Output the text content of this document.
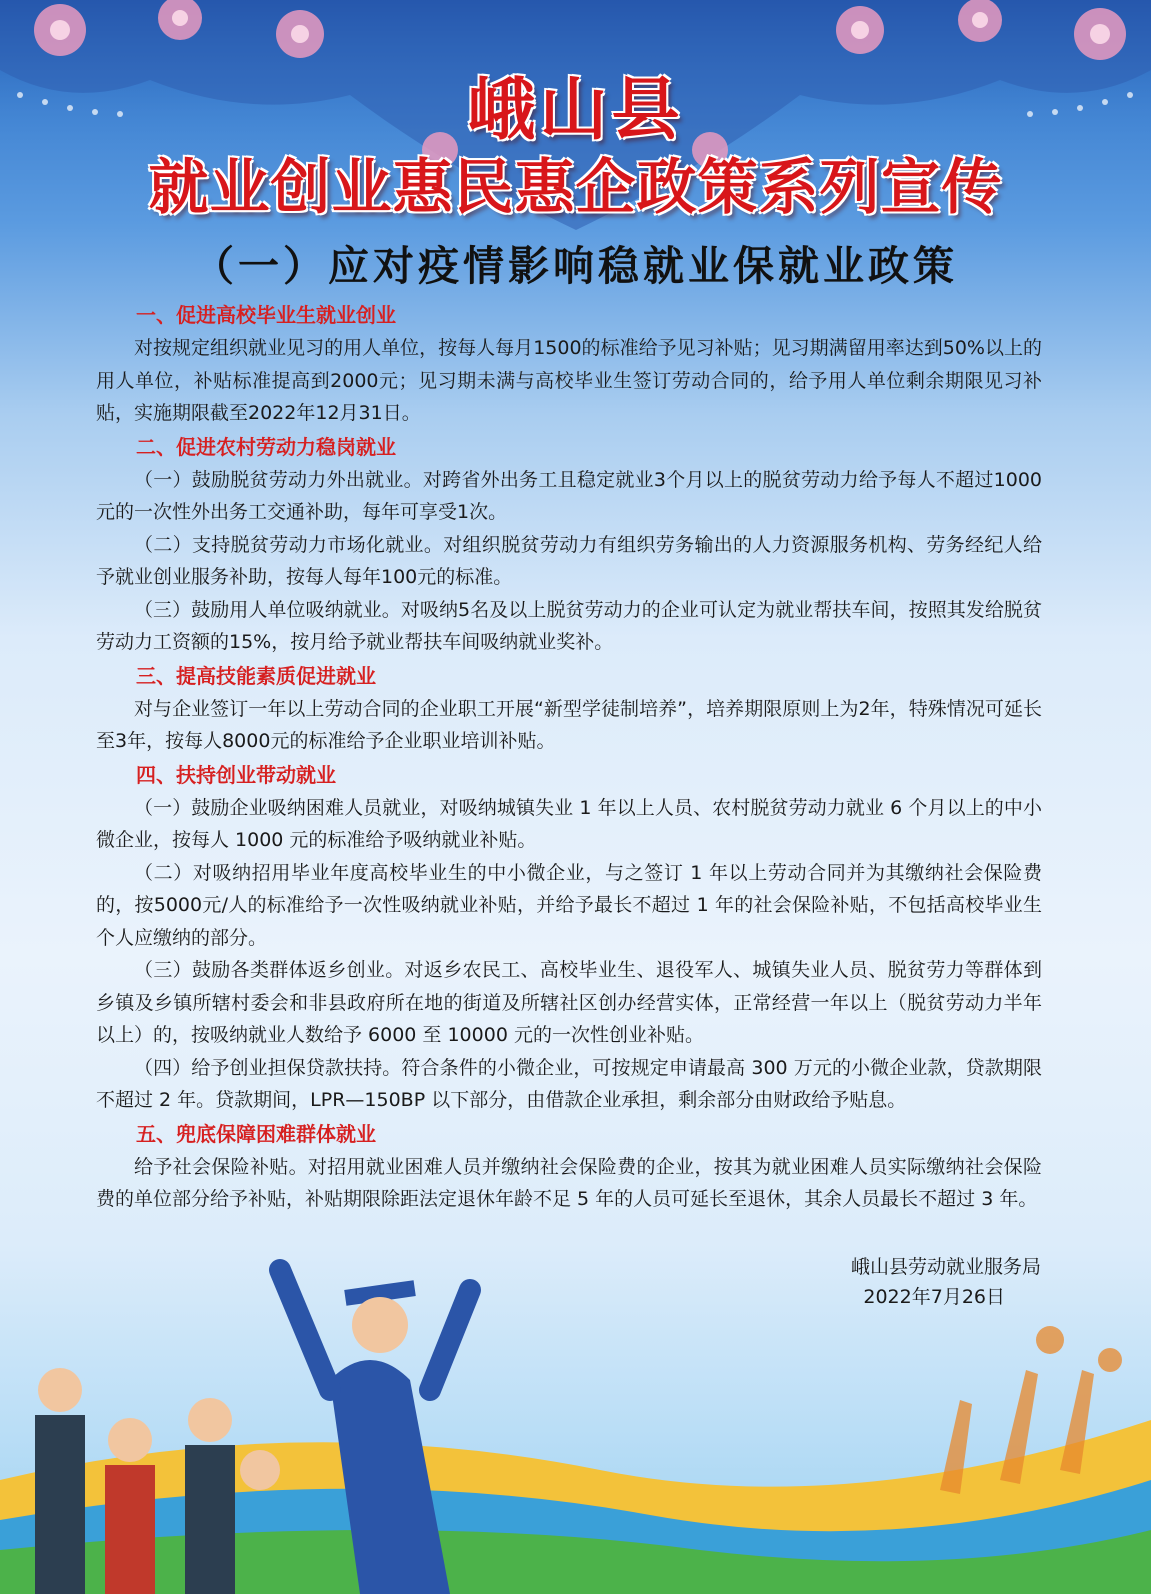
峨山县
就业创业惠民惠企政策系列宣传
（一）应对疫情影响稳就业保就业政策
一、促进高校毕业生就业创业

对按规定组织就业见习的用人单位，按每人每月1500的标准给予见习补贴；见习期满留用率达到50%以上的用人单位，补贴标准提高到2000元；见习期未满与高校毕业生签订劳动合同的，给予用人单位剩余期限见习补贴，实施期限截至2022年12月31日。

二、促进农村劳动力稳岗就业

（一）鼓励脱贫劳动力外出就业。对跨省外出务工且稳定就业3个月以上的脱贫劳动力给予每人不超过1000元的一次性外出务工交通补助，每年可享受1次。

（二）支持脱贫劳动力市场化就业。对组织脱贫劳动力有组织劳务输出的人力资源服务机构、劳务经纪人给予就业创业服务补助，按每人每年100元的标准。

（三）鼓励用人单位吸纳就业。对吸纳5名及以上脱贫劳动力的企业可认定为就业帮扶车间，按照其发给脱贫劳动力工资额的15%，按月给予就业帮扶车间吸纳就业奖补。

三、提高技能素质促进就业

对与企业签订一年以上劳动合同的企业职工开展“新型学徒制培养”，培养期限原则上为2年，特殊情况可延长至3年，按每人8000元的标准给予企业职业培训补贴。

四、扶持创业带动就业

（一）鼓励企业吸纳困难人员就业，对吸纳城镇失业 1 年以上人员、农村脱贫劳动力就业 6 个月以上的中小微企业，按每人 1000 元的标准给予吸纳就业补贴。

（二）对吸纳招用毕业年度高校毕业生的中小微企业，与之签订 1 年以上劳动合同并为其缴纳社会保险费的，按5000元/人的标准给予一次性吸纳就业补贴，并给予最长不超过 1 年的社会保险补贴，不包括高校毕业生个人应缴纳的部分。

（三）鼓励各类群体返乡创业。对返乡农民工、高校毕业生、退役军人、城镇失业人员、脱贫劳力等群体到乡镇及乡镇所辖村委会和非县政府所在地的街道及所辖社区创办经营实体，正常经营一年以上（脱贫劳动力半年以上）的，按吸纳就业人数给予 6000 至 10000 元的一次性创业补贴。

（四）给予创业担保贷款扶持。符合条件的小微企业，可按规定申请最高 300 万元的小微企业款，贷款期限不超过 2 年。贷款期间，LPR—150BP 以下部分，由借款企业承担，剩余部分由财政给予贴息。

五、兜底保障困难群体就业

给予社会保险补贴。对招用就业困难人员并缴纳社会保险费的企业，按其为就业困难人员实际缴纳社会保险费的单位部分给予补贴，补贴期限除距法定退休年龄不足 5 年的人员可延长至退休，其余人员最长不超过 3 年。

峨山县劳动就业服务局
2022年7月26日
